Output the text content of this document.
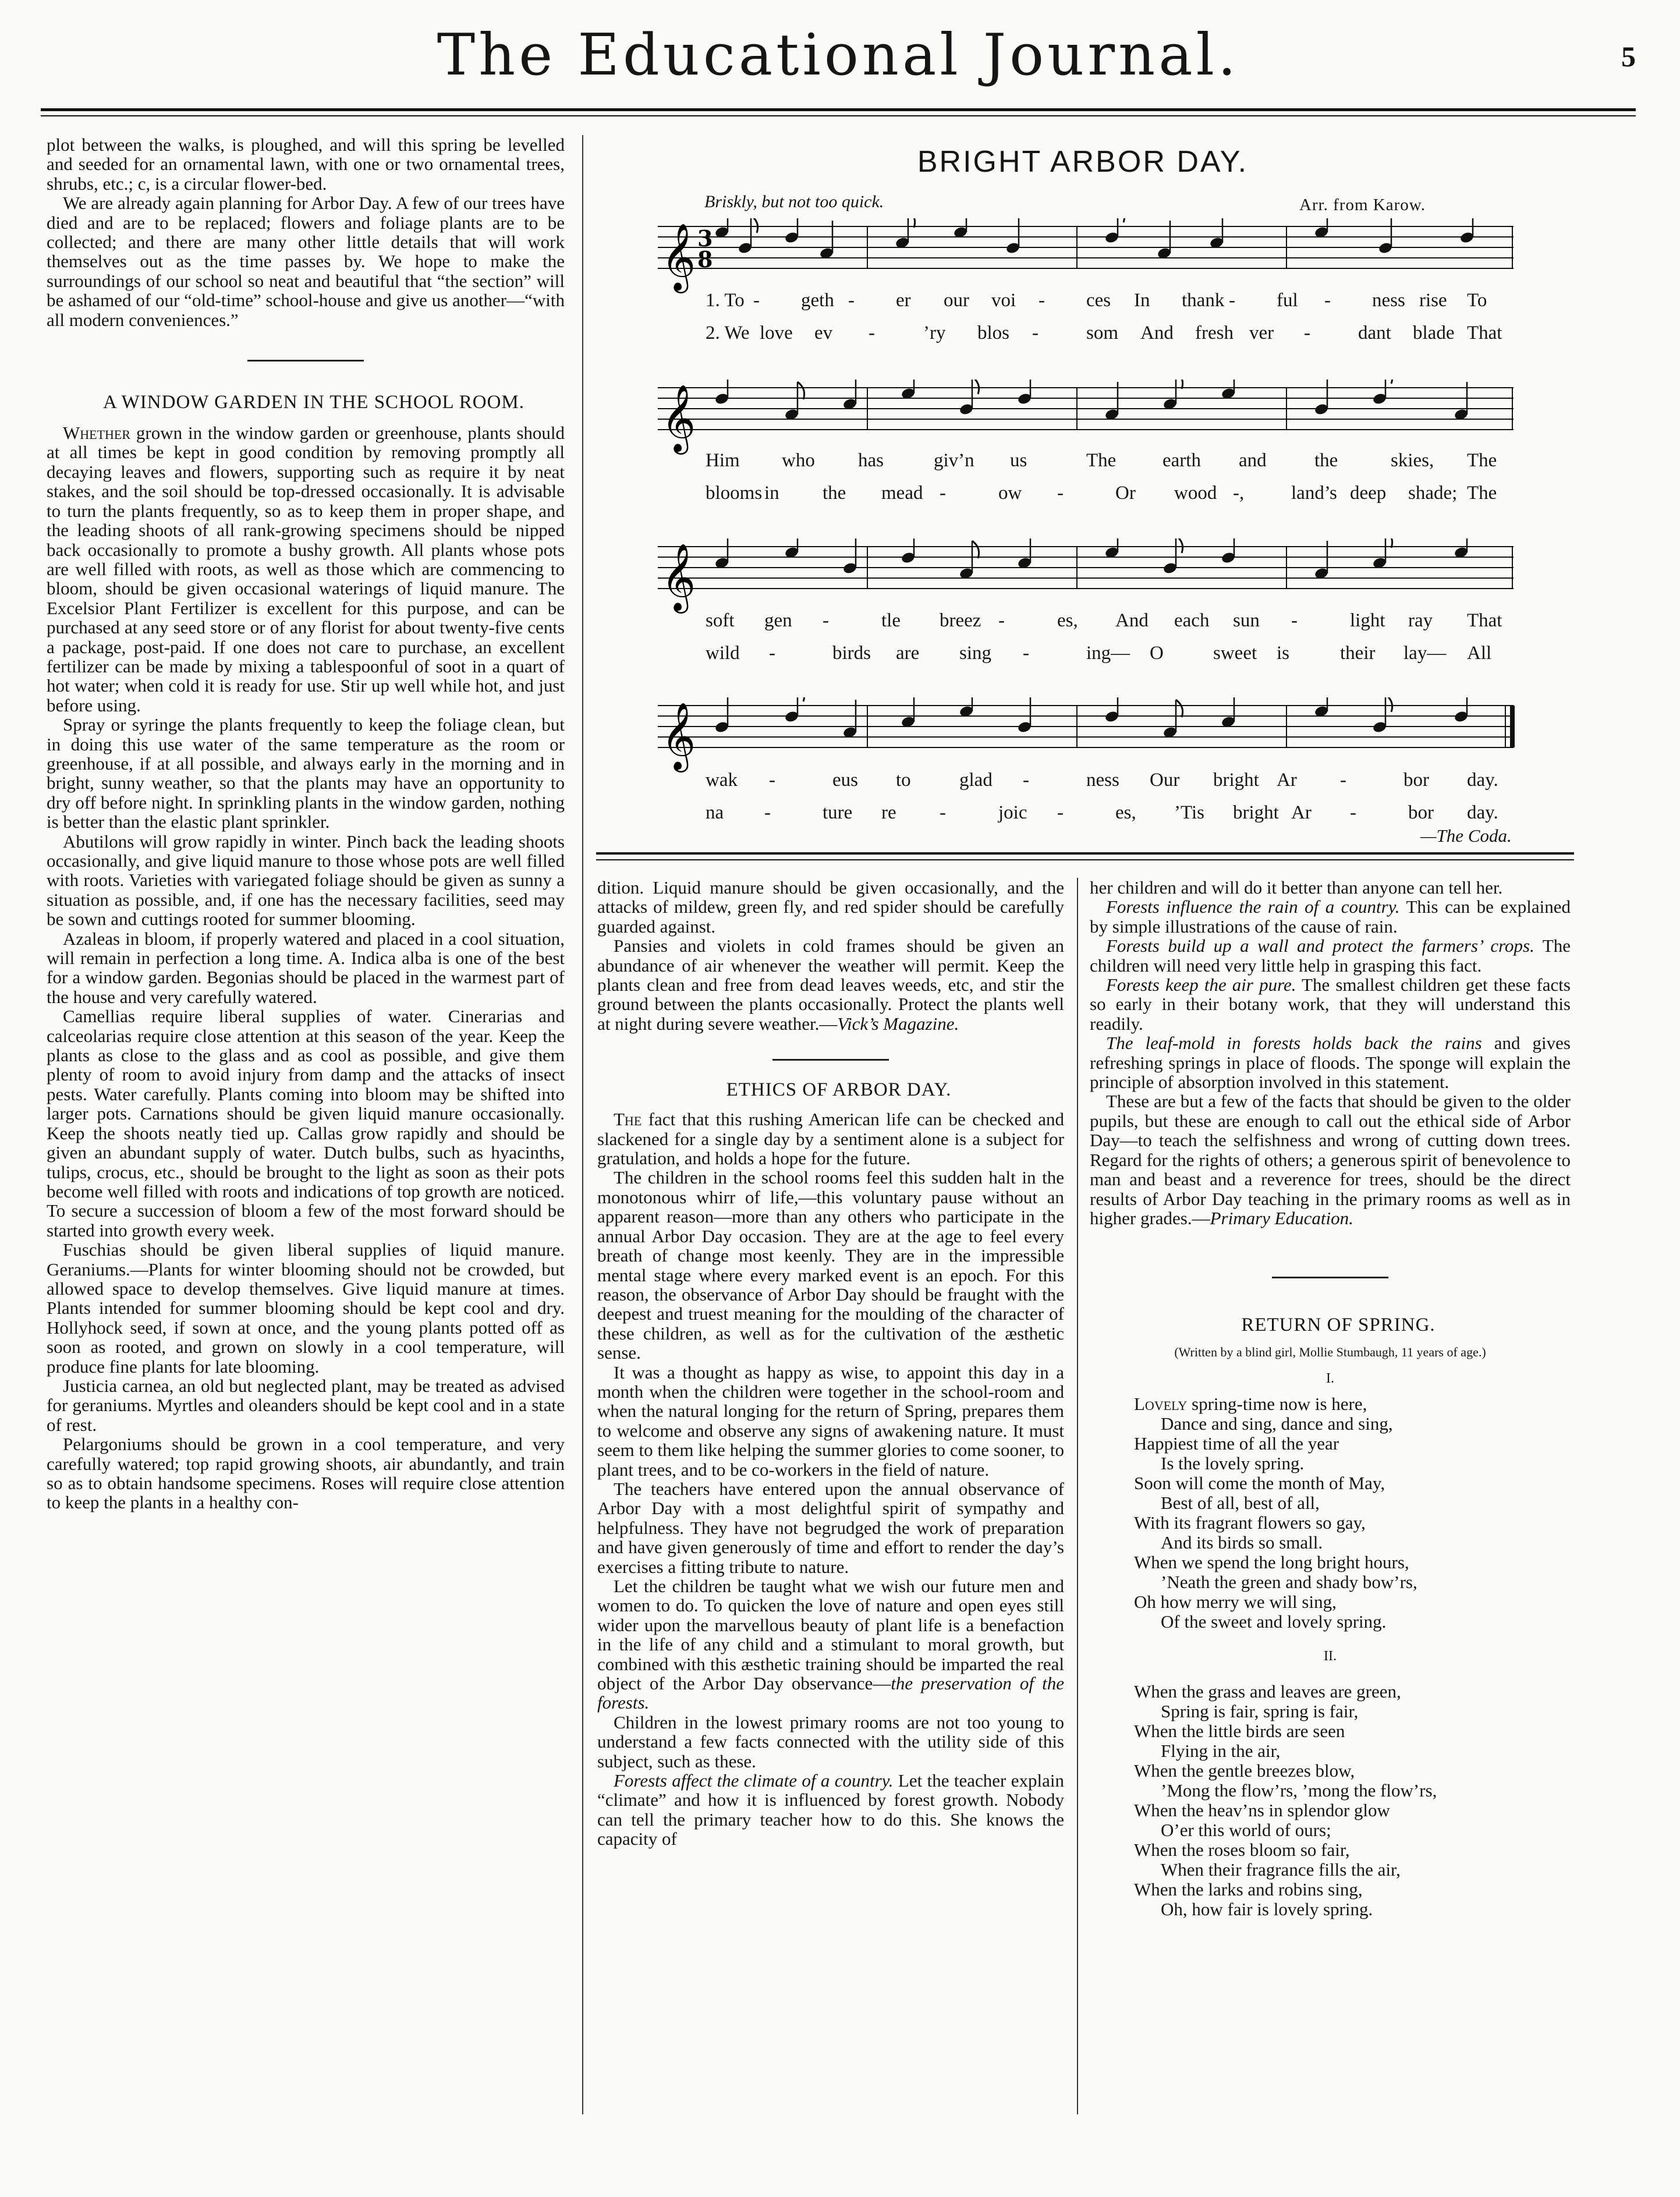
The Educational Journal.	5

plot between the walks, is ploughed, and will this spring be levelled and seeded for an ornamental lawn, with one or two ornamental trees, shrubs, etc.; c, is a circular flower-bed.

We are already again planning for Arbor Day. A few of our trees have died and are to be replaced; flowers and foliage plants are to be collected; and there are many other little details that will work themselves out as the time passes by. We hope to make the surroundings of our school so neat and beautiful that “the section” will be ashamed of our “old-time” school-house and give us another—“with all modern conveniences.”

A WINDOW GARDEN IN THE SCHOOL ROOM.

Whether grown in the window garden or greenhouse, plants should at all times be kept in good condition by removing promptly all decaying leaves and flowers, supporting such as require it by neat stakes, and the soil should be top-dressed occasionally. It is advisable to turn the plants frequently, so as to keep them in proper shape, and the leading shoots of all rank-growing specimens should be nipped back occasionally to promote a bushy growth. All plants whose pots are well filled with roots, as well as those which are commencing to bloom, should be given occasional waterings of liquid manure. The Excelsior Plant Fertilizer is excellent for this purpose, and can be purchased at any seed store or of any florist for about twenty-five cents a package, post-paid. If one does not care to purchase, an excellent fertilizer can be made by mixing a tablespoonful of soot in a quart of hot water; when cold it is ready for use. Stir up well while hot, and just before using.

Spray or syringe the plants frequently to keep the foliage clean, but in doing this use water of the same temperature as the room or greenhouse, if at all possible, and always early in the morning and in bright, sunny weather, so that the plants may have an opportunity to dry off before night. In sprinkling plants in the window garden, nothing is better than the elastic plant sprinkler.

Abutilons will grow rapidly in winter. Pinch back the leading shoots occasionally, and give liquid manure to those whose pots are well filled with roots. Varieties with variegated foliage should be given as sunny a situation as possible, and, if one has the necessary facilities, seed may be sown and cuttings rooted for summer blooming.

Azaleas in bloom, if properly watered and placed in a cool situation, will remain in perfection a long time. A. Indica alba is one of the best for a window garden. Begonias should be placed in the warmest part of the house and very carefully watered.

Camellias require liberal supplies of water. Cinerarias and calceolarias require close attention at this season of the year. Keep the plants as close to the glass and as cool as possible, and give them plenty of room to avoid injury from damp and the attacks of insect pests. Water carefully. Plants coming into bloom may be shifted into larger pots. Carnations should be given liquid manure occasionally. Keep the shoots neatly tied up. Callas grow rapidly and should be given an abundant supply of water. Dutch bulbs, such as hyacinths, tulips, crocus, etc., should be brought to the light as soon as their pots become well filled with roots and indications of top growth are noticed. To secure a succession of bloom a few of the most forward should be started into growth every week.

Fuschias should be given liberal supplies of liquid manure. Geraniums.—Plants for winter blooming should not be crowded, but allowed space to develop themselves. Give liquid manure at times. Plants intended for summer blooming should be kept cool and dry. Hollyhock seed, if sown at once, and the young plants potted off as soon as rooted, and grown on slowly in a cool temperature, will produce fine plants for late blooming.

Justicia carnea, an old but neglected plant, may be treated as advised for geraniums. Myrtles and oleanders should be kept cool and in a state of rest.

Pelargoniums should be grown in a cool temperature, and very carefully watered; top rapid growing shoots, air abundantly, and train so as to obtain handsome specimens. Roses will require close attention to keep the plants in a healthy con-

BRIGHT ARBOR DAY.
Briskly, but not too quick.	Arr. from Karow.
𝄞 3
8
𝄞
𝄞
𝄞
1. To - geth - er our voi - ces In thank - ful - ness rise To
2. We love ev -	’ry blos - som And fresh ver - dant blade That
Him who has	giv’n us	The earth and the	skies, The
blooms in the mead -	ow -	Or wood -, land’s deep shade; The
soft gen -	tle breez -	es, And each sun -	light ray That
wild -	birds are sing -	ing— O	sweet is	their lay— All
wak -	eus to	glad -	ness Our bright Ar -	bor day.
na -	ture re -	joic -	es, ’Tis bright Ar -	bor day.
—The Coda.

dition. Liquid manure should be given occasionally, and the attacks of mildew, green fly, and red spider should be carefully guarded against.

Pansies and violets in cold frames should be given an abundance of air whenever the weather will permit. Keep the plants clean and free from dead leaves weeds, etc, and stir the ground between the plants occasionally. Protect the plants well at night during severe weather.—Vick’s Magazine.

ETHICS OF ARBOR DAY.

The fact that this rushing American life can be checked and slackened for a single day by a sentiment alone is a subject for gratulation, and holds a hope for the future.

The children in the school rooms feel this sudden halt in the monotonous whirr of life,—this voluntary pause without an apparent reason—more than any others who participate in the annual Arbor Day occasion. They are at the age to feel every breath of change most keenly. They are in the impressible mental stage where every marked event is an epoch. For this reason, the observance of Arbor Day should be fraught with the deepest and truest meaning for the moulding of the character of these children, as well as for the cultivation of the æsthetic sense.

It was a thought as happy as wise, to appoint this day in a month when the children were together in the school-room and when the natural longing for the return of Spring, prepares them to welcome and observe any signs of awakening nature. It must seem to them like helping the summer glories to come sooner, to plant trees, and to be co-workers in the field of nature.

The teachers have entered upon the annual observance of Arbor Day with a most delightful spirit of sympathy and helpfulness. They have not begrudged the work of preparation and have given generously of time and effort to render the day’s exercises a fitting tribute to nature.

Let the children be taught what we wish our future men and women to do. To quicken the love of nature and open eyes still wider upon the marvellous beauty of plant life is a benefaction in the life of any child and a stimulant to moral growth, but combined with this æsthetic training should be imparted the real object of the Arbor Day observance—the preservation of the forests.

Children in the lowest primary rooms are not too young to understand a few facts connected with the utility side of this subject, such as these.

Forests affect the climate of a country. Let the teacher explain “climate” and how it is influenced by forest growth. Nobody can tell the primary teacher how to do this. She knows the capacity of

her children and will do it better than anyone can tell her.

Forests influence the rain of a country. This can be explained by simple illustrations of the cause of rain.

Forests build up a wall and protect the farmers’ crops. The children will need very little help in grasping this fact.

Forests keep the air pure. The smallest children get these facts so early in their botany work, that they will understand this readily.

The leaf-mold in forests holds back the rains and gives refreshing springs in place of floods. The sponge will explain the principle of absorption involved in this statement.

These are but a few of the facts that should be given to the older pupils, but these are enough to call out the ethical side of Arbor Day—to teach the selfishness and wrong of cutting down trees. Regard for the rights of others; a generous spirit of benevolence to man and beast and a reverence for trees, should be the direct results of Arbor Day teaching in the primary rooms as well as in higher grades.—Primary Education.

RETURN OF SPRING.

(Written by a blind girl, Mollie Stumbaugh, 11 years of age.)

I.

Lovely spring-time now is here,
Dance and sing, dance and sing,
Happiest time of all the year
Is the lovely spring.
Soon will come the month of May,
Best of all, best of all,
With its fragrant flowers so gay,
And its birds so small.
When we spend the long bright hours,
’Neath the green and shady bow’rs,
Oh how merry we will sing,
Of the sweet and lovely spring.

II.

When the grass and leaves are green,
Spring is fair, spring is fair,
When the little birds are seen
Flying in the air,
When the gentle breezes blow,
’Mong the flow’rs, ’mong the flow’rs,
When the heav’ns in splendor glow
O’er this world of ours;
When the roses bloom so fair,
When their fragrance fills the air,
When the larks and robins sing,
Oh, how fair is lovely spring.
